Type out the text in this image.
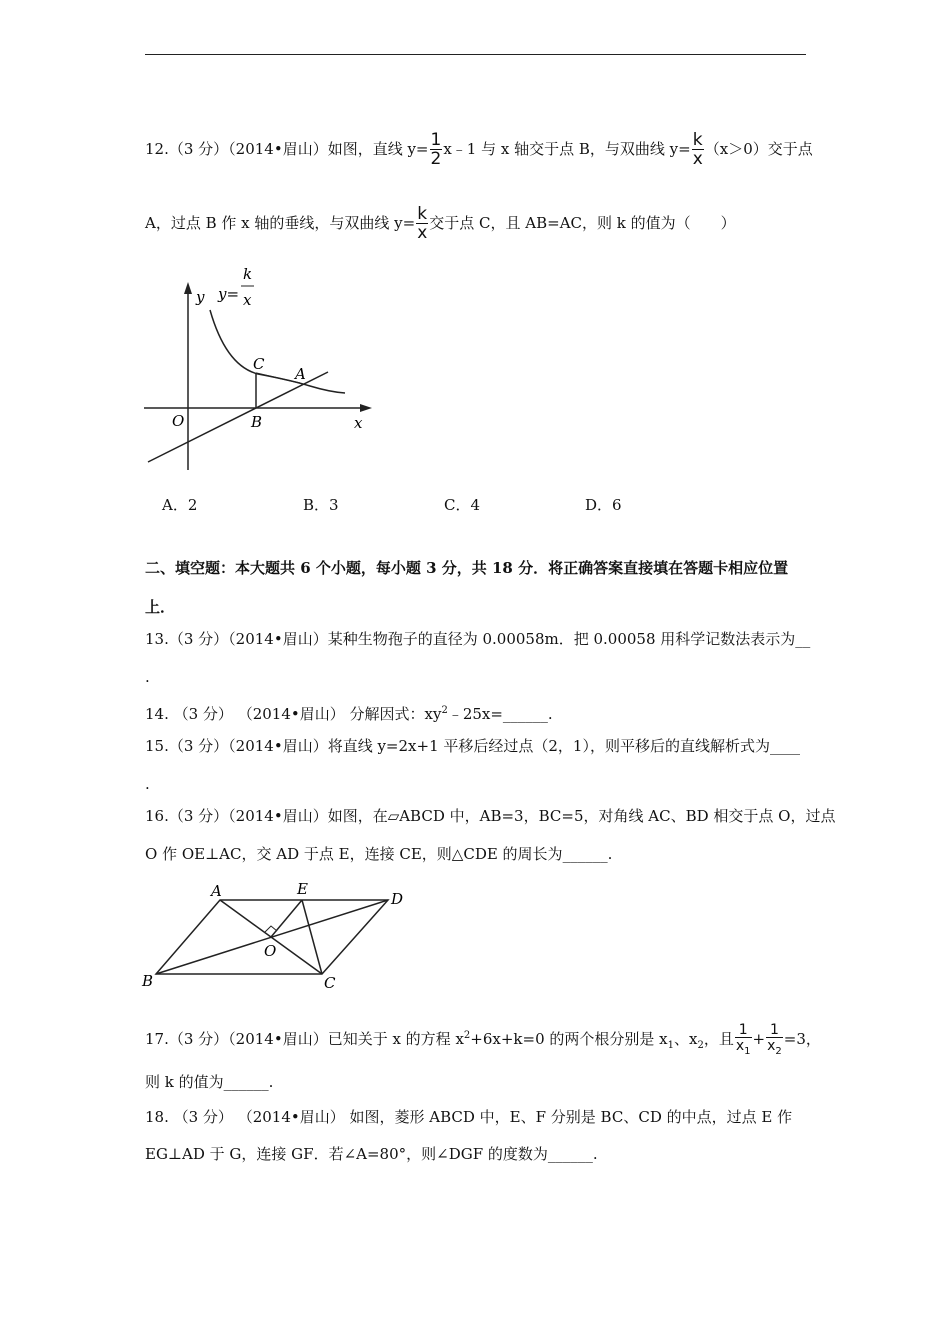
12.（3 分）（2014•眉山）如图，直线 $y= \frac{1}{2}$ x﹣1 与 x 轴交于点 B，与双曲线 $y= \frac{k}{x} (x>0)$交于点
A，过点 B 作 x 轴的垂线，与双曲线 $y= \frac{k}{x}$ 交于点 C，且 AB=AC，则 k 的值为（　　）
y y=
k
x
C
A
O	B	x
A．2	B．3	C．4	D．6
二、填空题：本大题共 6 个小题，每小题 3 分，共 18 分．将正确答案直接填在答题卡相应位置
上．
13.（3 分）（2014•眉山）某种生物孢子的直径为 0.00058m．把 0.00058 用科学记数法表示为__
.
14. （3 分） （2014•眉山） 分解因式：$xy^2﹣25x=\_\_\_\_\_\_$.
15.（3 分）（2014•眉山）将直线 y=2x+1 平移后经过点（2，1），则平移后的直线解析式为____
.
16.（3 分）（2014•眉山）如图，在▱ABCD 中，AB=3，BC=5，对角线 AC、BD 相交于点 O，过点
O 作 OE⊥AC，交 AD 于点 E，连接 CE，则△CDE 的周长为______.
A	E
D
O
B	C
17.（3 分）（2014•眉山）已知关于 x 的方程 $x^2+6x+k=0$ 的两个根分别是 $x_1$、$x_2$，且 $\frac{1}{x_1} + \frac{1}{x_2} =3$，
则 k 的值为______.
18. （3 分） （2014•眉山） 如图，菱形 ABCD 中，E、F 分别是 BC、CD 的中点，过点 E 作
EG⊥AD 于 G，连接 GF．若∠A=80°，则∠DGF 的度数为______.
